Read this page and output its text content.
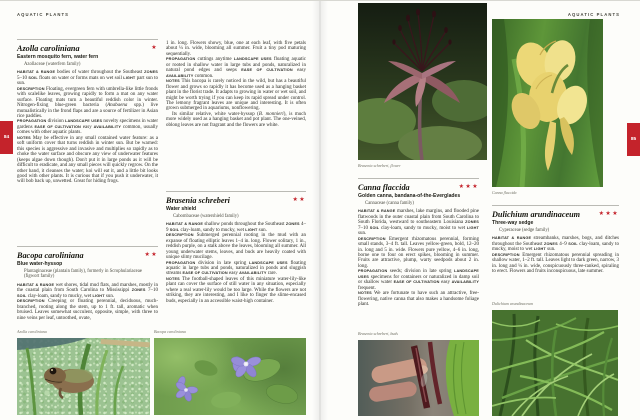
AQUATIC PLANTS	AQUATIC PLANTS
84	85
Azolla caroliniana	★
Eastern mosquito fern, water fern
Azollaceae (waterfern family)

HABITAT & RANGE bodies of water throughout the Southeast ZONES 5–10 SOIL floats on water or forms mats on wet soil LIGHT part sun to sun.

DESCRIPTION Floating, evergreen fern with umbrella-like little fronds with scalelike leaves, growing rapidly to form a mat on any water surface. Floating mats turn a beautiful reddish color in winter. Nitrogen-fixing blue-green bacteria (Anabaena spp.) live mutualistically in the frond flaps and are a source of fertilizer in Asian rice paddies.

PROPAGATION division LANDSCAPE USES novelty specimens in water gardens EASE OF CULTIVATION easy AVAILABILITY common, usually comes with other aquatic plants.

NOTES May be effective in any small contained water feature: as a soft uniform cover that turns reddish in winter sun. But be warned: this species is aggressive and invasive and multiplies so rapidly as to choke the water surface and obscure any view of underwater features (keeps algae down though). Don't put it in large ponds as it will be difficult to eradicate, and any small pieces will quickly regrow. On the other hand, it cleanses the water; koi will eat it, and a little bit looks good with other plants. It is curious that if you push it underwater, it will bob back up, unwetted. Great for hiding frogs.

Bacopa caroliniana	★★
Blue water-hyssop
Plantaginaceae (plantain family), formerly in Scrophulariaceae (figwort family)

HABITAT & RANGE wet shores, tidal mud flats, and marshes, mostly in the coastal plain from South Carolina to Mississippi ZONES 7–10 SOIL clay-loam, sandy to mucky, wet LIGHT sun.

DESCRIPTION Creeping or floating perennial, deciduous, much-branched, rooting along the stem, up to 1 ft. tall, aromatic when bruised. Leaves somewhat succulent, opposite, simple, with three to nine veins per leaf, untoothed, ovate,

1 in. long. Flowers showy, blue, one at each leaf, with five petals about ¼ in. wide, blooming all summer. Fruit a tiny pod maturing sequentially.

PROPAGATION cuttings anytime LANDSCAPE USES floating aquatic or rooted in shallow water in large tubs and ponds, naturalized in natural pond edges and seeps EASE OF CULTIVATION easy AVAILABILITY common.

NOTES This bacopa is rarely noticed in the wild, but has a beautiful flower and grows so rapidly it has become used as a hanging basket plant in the florist trade. It adapts to growing in water or wet soil, and might be worth trying if you can keep its rapid spread under control. The lemony fragrant leaves are unique and interesting. It is often grown submerged in aquariums, nonflowering.

Its similar relative, white water-hyssop (B. monnieri), is much more widely used as a hanging basket and pot plant. The one-veined, oblong leaves are not fragrant and the flowers are white.

Brasenia schreberi	★★
Water shield
Cabombaceae (watershield family)

HABITAT & RANGE shallow ponds throughout the Southeast ZONES 4–9 SOIL clay-loam, sandy to mucky, wet LIGHT sun.

DESCRIPTION Submerged perennial rooting in the mud with an expanse of floating elliptic leaves 1–4 in. long. Flower solitary, 1 in., reddish purple, on a stalk above the leaves, blooming all summer. All young underwater stems, leaves, and buds are heavily coated with unique slimy mucilage.

PROPAGATION division in late spring LANDSCAPE USES floating aquatic in large tubs and ponds, naturalized in ponds and sluggish streams EASE OF CULTIVATION easy AVAILABILITY rare.

NOTES The football-shaped leaves of this miniature water-lily-like plant can cover the surface of still water in any situation, especially where a real water-lily would be too large. While the flowers are not striking, they are interesting, and I like to finger the slime-encased buds, especially in an accessible waist-high container.

Canna flaccida	★★★
Golden canna, bandana-of-the-Everglades
Cannaceae (canna family)

HABITAT & RANGE marshes, lake margins, and flooded pine flatwoods in the outer coastal plain from South Carolina to South Florida, westward to southeastern Louisiana ZONES 7–10 SOIL clay-loam, sandy to mucky, moist to wet LIGHT sun.

DESCRIPTION Emergent rhizomatous perennial, forming small stands, 3–4 ft. tall. Leaves yellow-green, bold, 12–20 in. long and 5 in. wide. Flowers pure yellow, 4–6 in. long, borne one to four on erect spikes, blooming in summer. Fruits are attractive, plump, warty seedpods about 2 in. long.

PROPAGATION seeds; division in late spring LANDSCAPE USES specimens for containers or naturalized in damp soil or shallow water EASE OF CULTIVATION easy AVAILABILITY frequent.

NOTES We are fortunate to have such an attractive, free-flowering, native canna that also makes a handsome foliage plant.

Dulichium arundinaceum	★★★
Three-way sedge
Cyperaceae (sedge family)

HABITAT & RANGE streambanks, marshes, bogs, and ditches throughout the Southeast ZONES 4–9 SOIL clay-loam, sandy to mucky, moist to wet LIGHT sun.

DESCRIPTION Emergent rhizomatous perennial spreading in shallow water, 1–2 ft. tall. Leaves light to dark green, narrow, 3 in. long and ¼ in. wide, conspicuously three-ranked, spiraling to erect. Flowers and fruits inconspicuous, late summer.

Azolla caroliniana	Bacopa caroliniana
Brasenia schreberi, flower
Canna flaccida
Brasenia schreberi, buds
Dulichium arundinaceum
